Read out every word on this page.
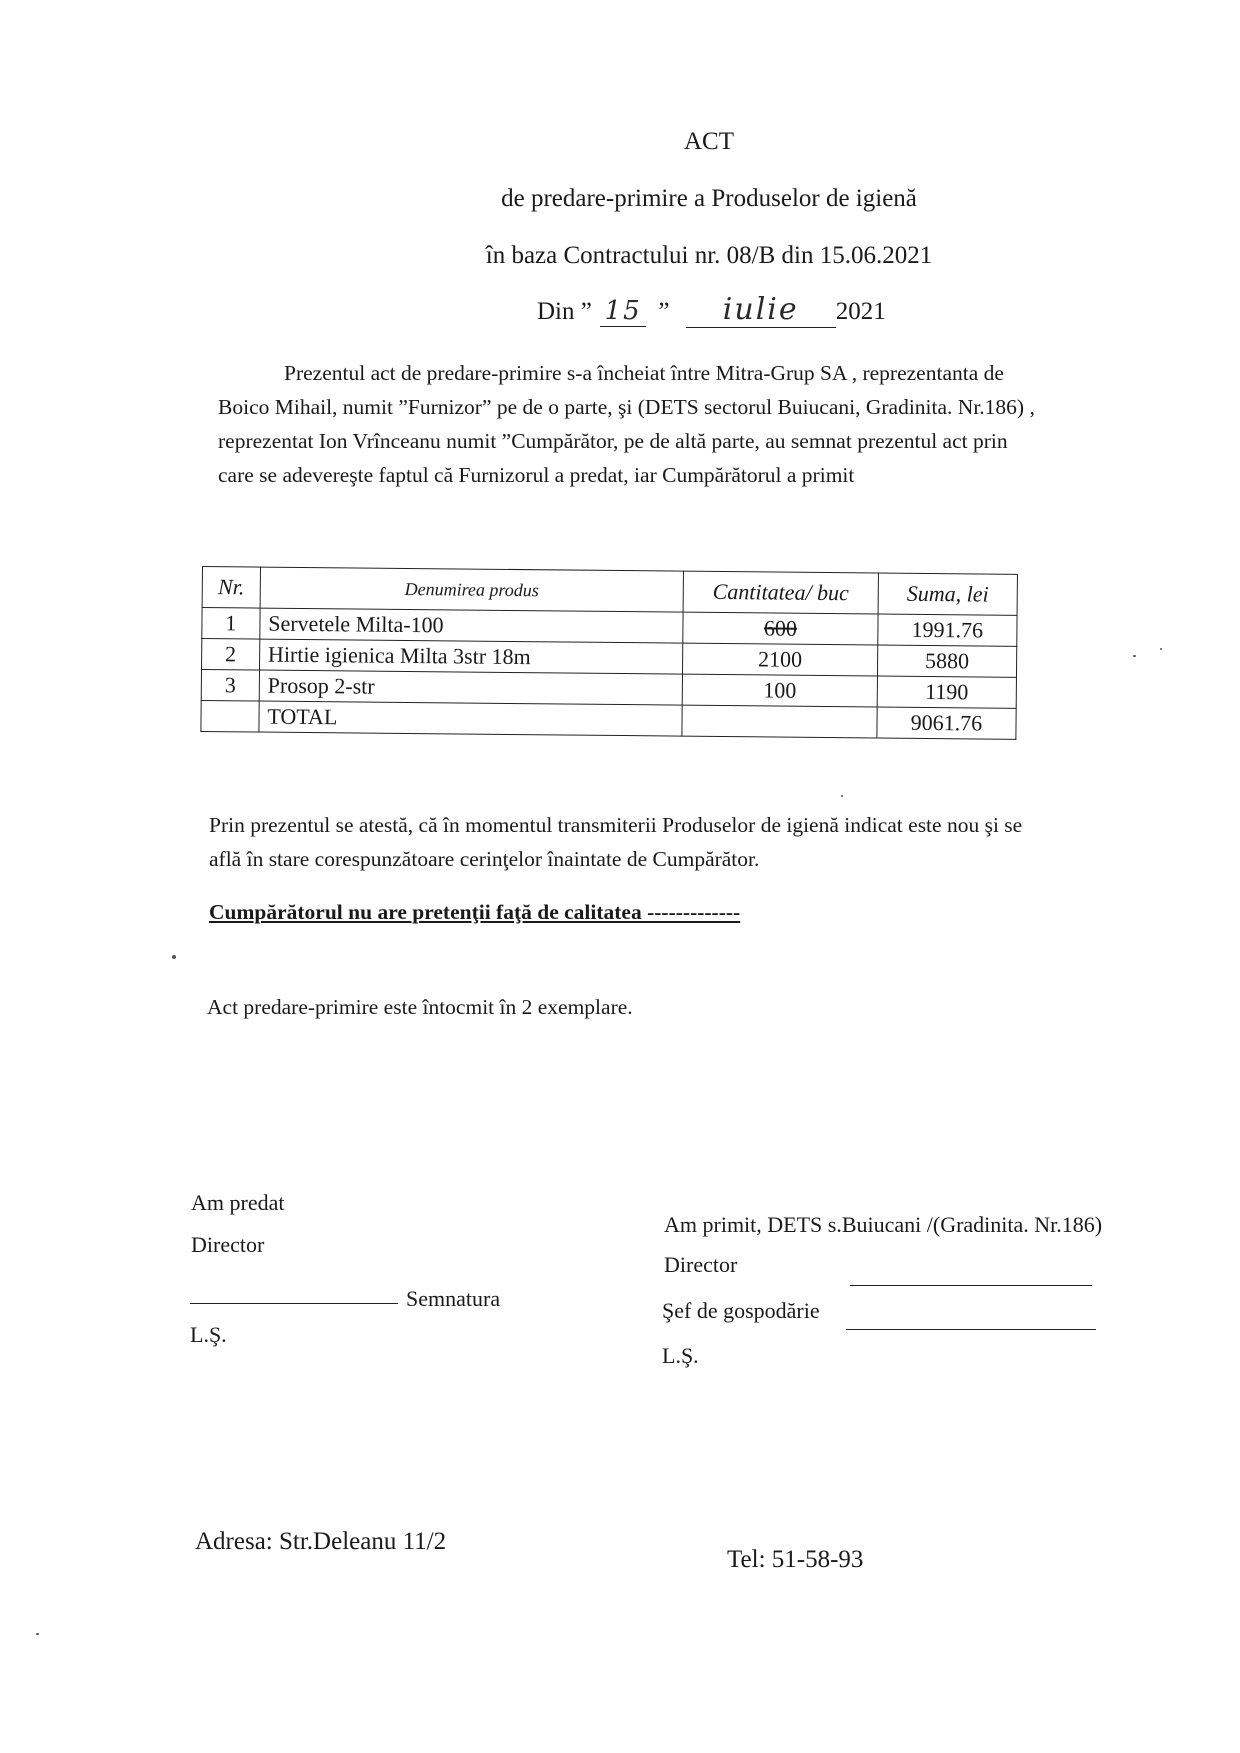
ACT
de predare-primire a Produselor de igienă
în baza Contractului nr. 08/B din 15.06.2021
Din ” 15 ” iulie 2021
Prezentul act de predare-primire s-a încheiat între Mitra-Grup SA , reprezentanta de
Boico Mihail, numit ”Furnizor” pe de o parte, şi (DETS sectorul Buiucani, Gradinita. Nr.186) ,
reprezentat Ion Vrînceanu numit ”Cumpărător, pe de altă parte, au semnat prezentul act prin
care se adevereşte faptul că Furnizorul a predat, iar Cumpărătorul a primit
Nr.	Denumirea produs	Cantitatea/ buc	Suma, lei
1	Servetele Milta-100	600	1991.76
2	Hirtie igienica Milta 3str 18m	2100	5880
3	Prosop 2-str	100	1190
	TOTAL		9061.76
Prin prezentul se atestă, că în momentul transmiterii Produselor de igienă indicat este nou şi se
află în stare corespunzătoare cerinţelor înaintate de Cumpărător.
Cumpărătorul nu are pretenţii faţă de calitatea -------------
Act predare-primire este întocmit în 2 exemplare.
Am predat
Director
Semnatura
L.Ş.
Am primit, DETS s.Buiucani /(Gradinita. Nr.186)
Director
Şef de gospodărie
L.Ş.
Adresa: Str.Deleanu 11/2
Tel: 51-58-93
